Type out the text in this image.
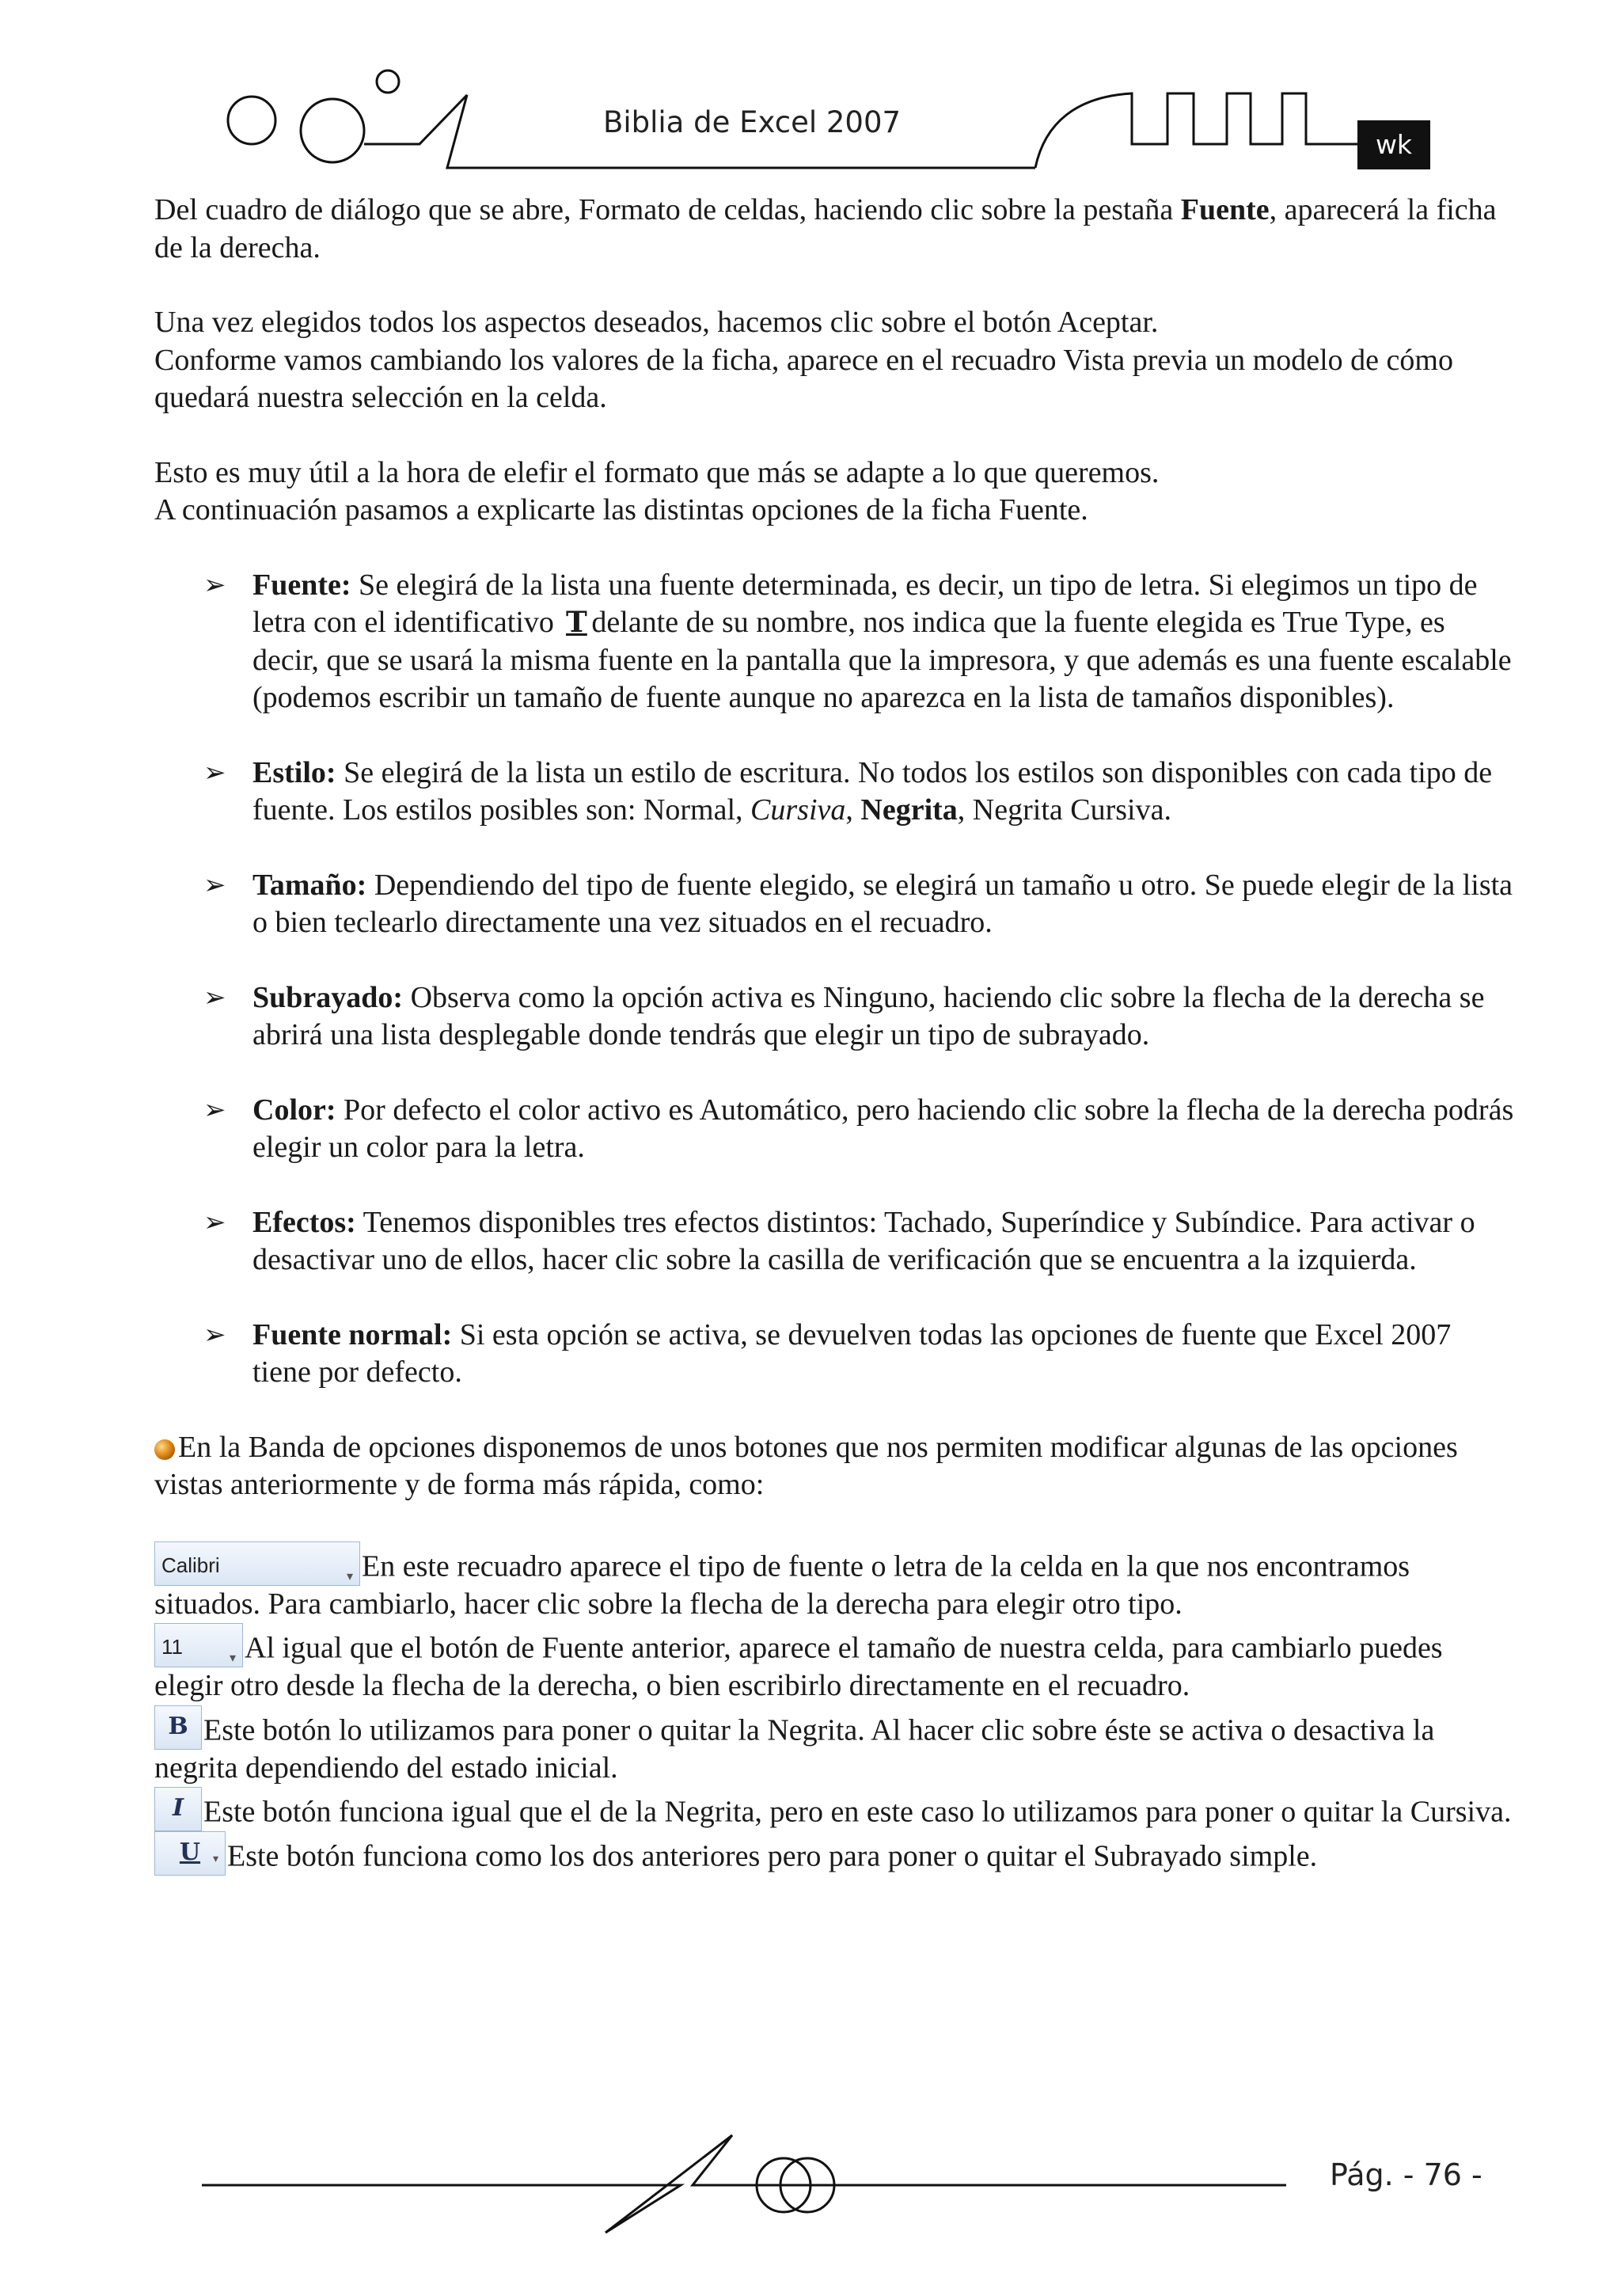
Biblia de Excel 2007
wk

Del cuadro de diálogo que se abre, Formato de celdas, haciendo clic sobre la pestaña Fuente, aparecerá la ficha de la derecha.

Una vez elegidos todos los aspectos deseados, hacemos clic sobre el botón Aceptar.
Conforme vamos cambiando los valores de la ficha, aparece en el recuadro Vista previa un modelo de cómo quedará nuestra selección en la celda.

Esto es muy útil a la hora de elefir el formato que más se adapte a lo que queremos.
A continuación pasamos a explicarte las distintas opciones de la ficha Fuente.

➢ Fuente: Se elegirá de la lista una fuente determinada, es decir, un tipo de letra. Si elegimos un tipo de letra con el identificativo T delante de su nombre, nos indica que la fuente elegida es True Type, es decir, que se usará la misma fuente en la pantalla que la impresora, y que además es una fuente escalable (podemos escribir un tamaño de fuente aunque no aparezca en la lista de tamaños disponibles).
➢ Estilo: Se elegirá de la lista un estilo de escritura. No todos los estilos son disponibles con cada tipo de fuente. Los estilos posibles son: Normal, Cursiva, Negrita, Negrita Cursiva.
➢ Tamaño: Dependiendo del tipo de fuente elegido, se elegirá un tamaño u otro. Se puede elegir de la lista o bien teclearlo directamente una vez situados en el recuadro.
➢ Subrayado: Observa como la opción activa es Ninguno, haciendo clic sobre la flecha de la derecha se abrirá una lista desplegable donde tendrás que elegir un tipo de subrayado.
➢ Color: Por defecto el color activo es Automático, pero haciendo clic sobre la flecha de la derecha podrás elegir un color para la letra.
➢ Efectos: Tenemos disponibles tres efectos distintos: Tachado, Superíndice y Subíndice. Para activar o desactivar uno de ellos, hacer clic sobre la casilla de verificación que se encuentra a la izquierda.
➢ Fuente normal: Si esta opción se activa, se devuelven todas las opciones de fuente que Excel 2007 tiene por defecto.

En la Banda de opciones disponemos de unos botones que nos permiten modificar algunas de las opciones vistas anteriormente y de forma más rápida, como:

Calibri	▾ En este recuadro aparece el tipo de fuente o letra de la celda en la que nos encontramos situados. Para cambiarlo, hacer clic sobre la flecha de la derecha para elegir otro tipo.
11	▾ Al igual que el botón de Fuente anterior, aparece el tamaño de nuestra celda, para cambiarlo puedes elegir otro desde la flecha de la derecha, o bien escribirlo directamente en el recuadro.
B Este botón lo utilizamos para poner o quitar la Negrita. Al hacer clic sobre éste se activa o desactiva la negrita dependiendo del estado inicial.
I Este botón funciona igual que el de la Negrita, pero en este caso lo utilizamos para poner o quitar la Cursiva.
U ▾ Este botón funciona como los dos anteriores pero para poner o quitar el Subrayado simple.
Pág. - 76 -
